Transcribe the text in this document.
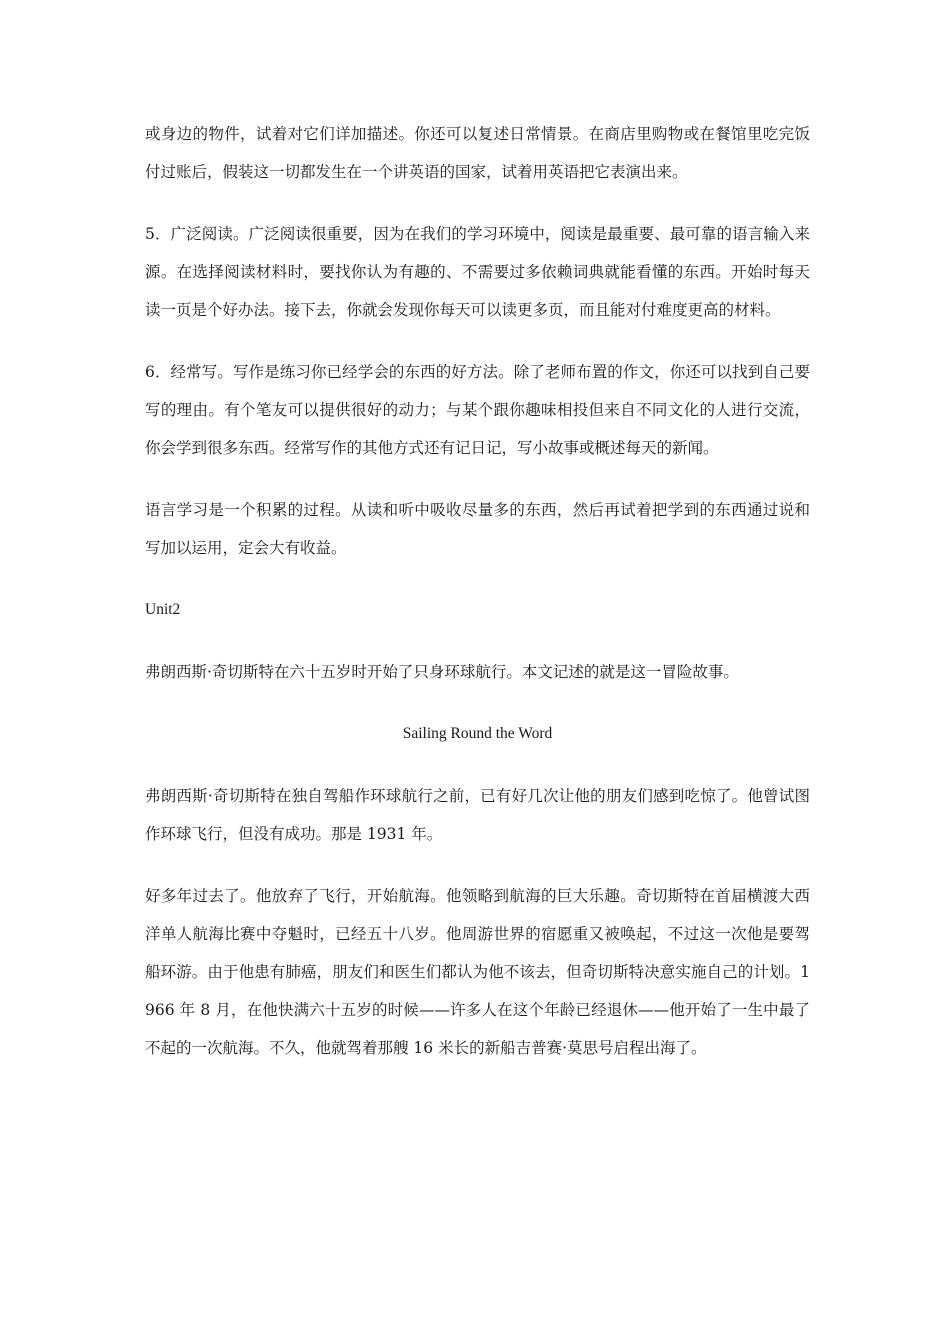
或身边的物件，试着对它们详加描述。你还可以复述日常情景。在商店里购物或在餐馆里吃完饭付过账后，假装这一切都发生在一个讲英语的国家，试着用英语把它表演出来。

5．广泛阅读。广泛阅读很重要，因为在我们的学习环境中，阅读是最重要、最可靠的语言输入来源。在选择阅读材料时，要找你认为有趣的、不需要过多依赖词典就能看懂的东西。开始时每天读一页是个好办法。接下去，你就会发现你每天可以读更多页，而且能对付难度更高的材料。

6．经常写。写作是练习你已经学会的东西的好方法。除了老师布置的作文，你还可以找到自己要写的理由。有个笔友可以提供很好的动力；与某个跟你趣味相投但来自不同文化的人进行交流，你会学到很多东西。经常写作的其他方式还有记日记，写小故事或概述每天的新闻。

语言学习是一个积累的过程。从读和听中吸收尽量多的东西，然后再试着把学到的东西通过说和写加以运用，定会大有收益。

Unit2

弗朗西斯·奇切斯特在六十五岁时开始了只身环球航行。本文记述的就是这一冒险故事。

Sailing Round the Word

弗朗西斯·奇切斯特在独自驾船作环球航行之前，已有好几次让他的朋友们感到吃惊了。他曾试图作环球飞行，但没有成功。那是 1931 年。

好多年过去了。他放弃了飞行，开始航海。他领略到航海的巨大乐趣。奇切斯特在首届横渡大西洋单人航海比赛中夺魁时，已经五十八岁。他周游世界的宿愿重又被唤起，不过这一次他是要驾船环游。由于他患有肺癌，朋友们和医生们都认为他不该去，但奇切斯特决意实施自己的计划。1966 年 8 月，在他快满六十五岁的时候——许多人在这个年龄已经退休——他开始了一生中最了不起的一次航海。不久，他就驾着那艘 16 米长的新船吉普赛·莫思号启程出海了。
